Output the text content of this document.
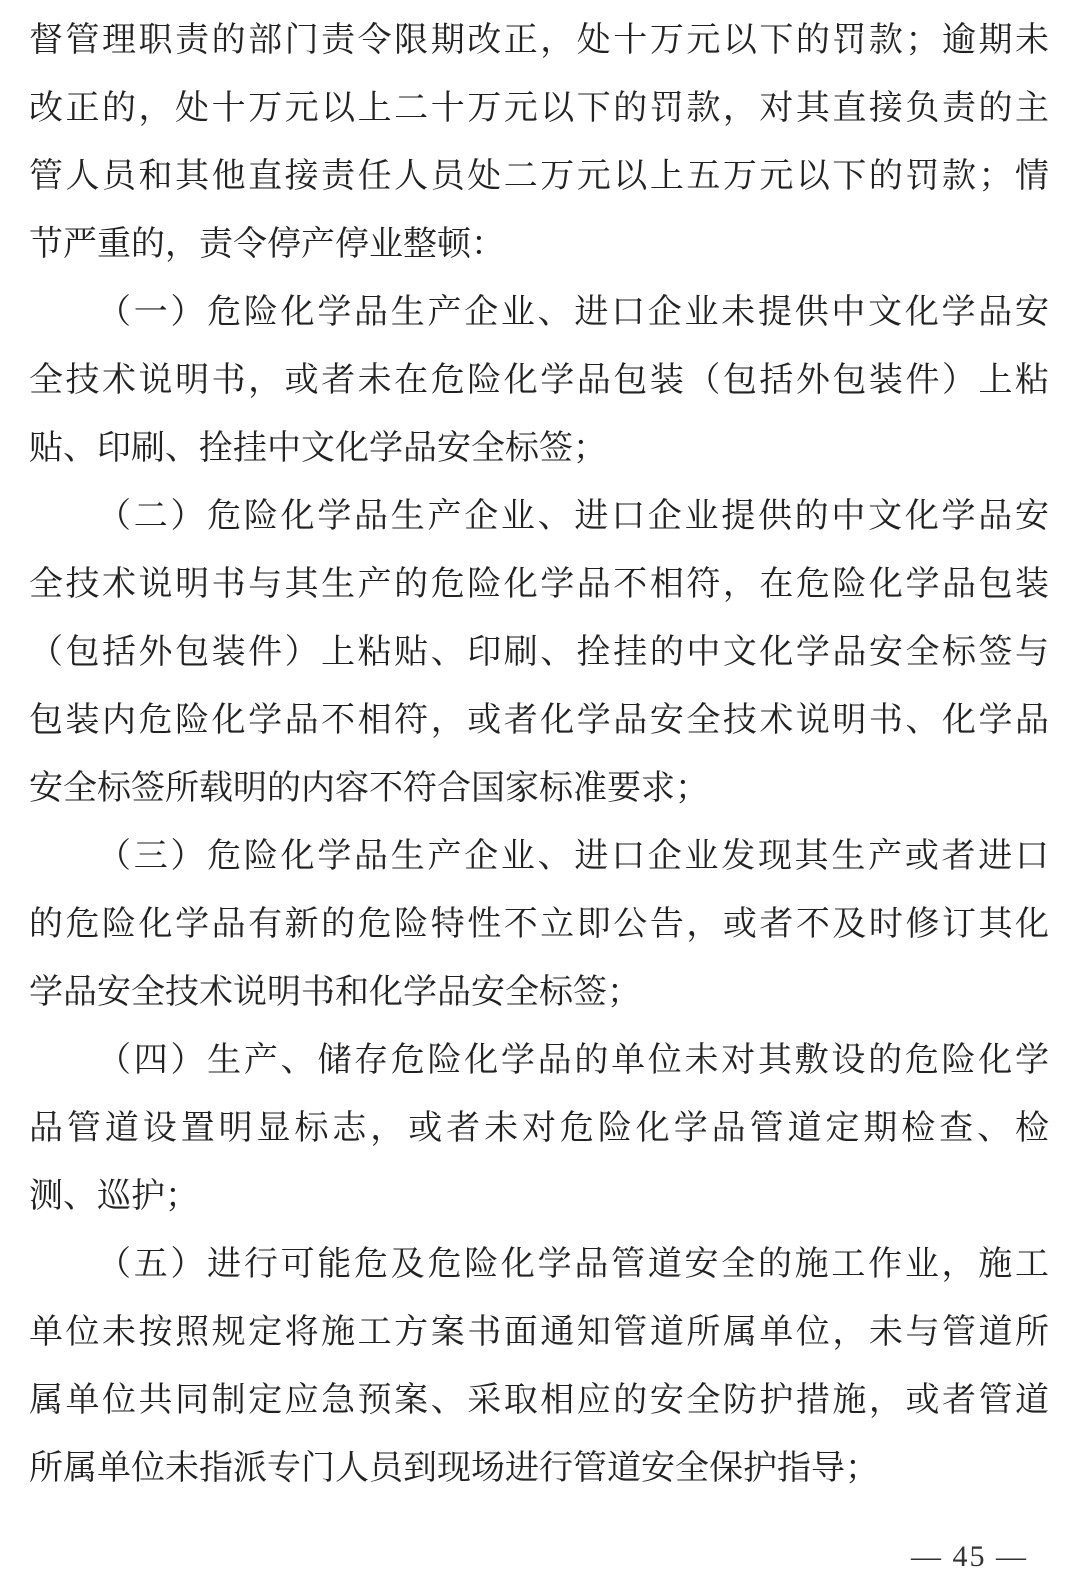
督管理职责的部门责令限期改正，处十万元以下的罚款；逾期未
改正的，处十万元以上二十万元以下的罚款，对其直接负责的主
管人员和其他直接责任人员处二万元以上五万元以下的罚款；情
节严重的，责令停产停业整顿：
（一）危险化学品生产企业、进口企业未提供中文化学品安
全技术说明书，或者未在危险化学品包装（包括外包装件）上粘
贴、印刷、拴挂中文化学品安全标签；
（二）危险化学品生产企业、进口企业提供的中文化学品安
全技术说明书与其生产的危险化学品不相符，在危险化学品包装
（包括外包装件）上粘贴、印刷、拴挂的中文化学品安全标签与
包装内危险化学品不相符，或者化学品安全技术说明书、化学品
安全标签所载明的内容不符合国家标准要求；
（三）危险化学品生产企业、进口企业发现其生产或者进口
的危险化学品有新的危险特性不立即公告，或者不及时修订其化
学品安全技术说明书和化学品安全标签；
（四）生产、储存危险化学品的单位未对其敷设的危险化学
品管道设置明显标志，或者未对危险化学品管道定期检查、检
测、巡护；
（五）进行可能危及危险化学品管道安全的施工作业，施工
单位未按照规定将施工方案书面通知管道所属单位，未与管道所
属单位共同制定应急预案、采取相应的安全防护措施，或者管道
所属单位未指派专门人员到现场进行管道安全保护指导；
— 45 —
